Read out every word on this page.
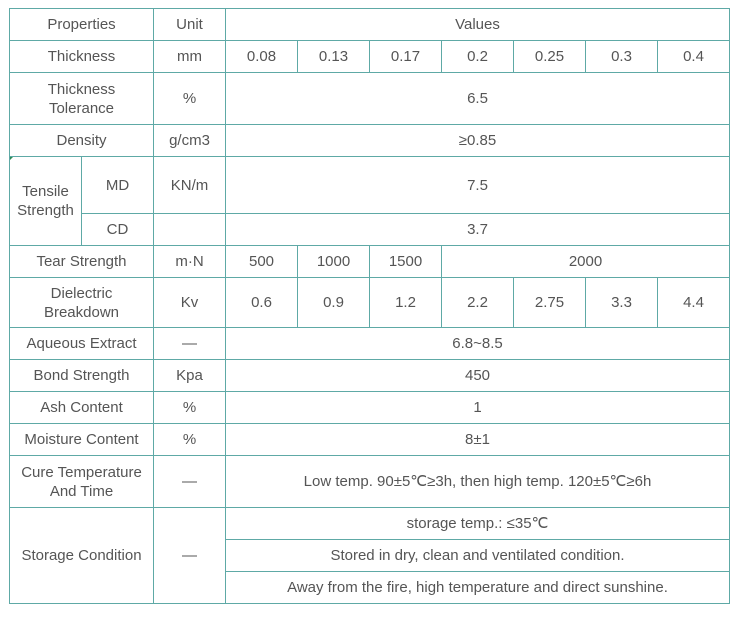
Properties		Unit	Values						
Thickness		mm	0.08	0.13	0.17	0.2	0.25	0.3	0.4
Thickness
Tolerance		%	6.5						
Density		g/cm3	≥0.85						
Tensile
Strength	MD	KN/m	7.5						
	CD		3.7						
Tear Strength		m·N	500	1000	1500	2000			
Dielectric
Breakdown		Kv	0.6	0.9	1.2	2.2	2.75	3.3	4.4
Aqueous Extract		—	6.8~8.5						
Bond Strength		Kpa	450						
Ash Content		%	1						
Moisture Content		%	8±1						
Cure Temperature
And Time		—	Low temp. 90±5℃≥3h, then high temp. 120±5℃≥6h						
Storage Condition		—	storage temp.: ≤35℃						
			Stored in dry, clean and ventilated condition.						
			Away from the fire, high temperature and direct sunshine.						
